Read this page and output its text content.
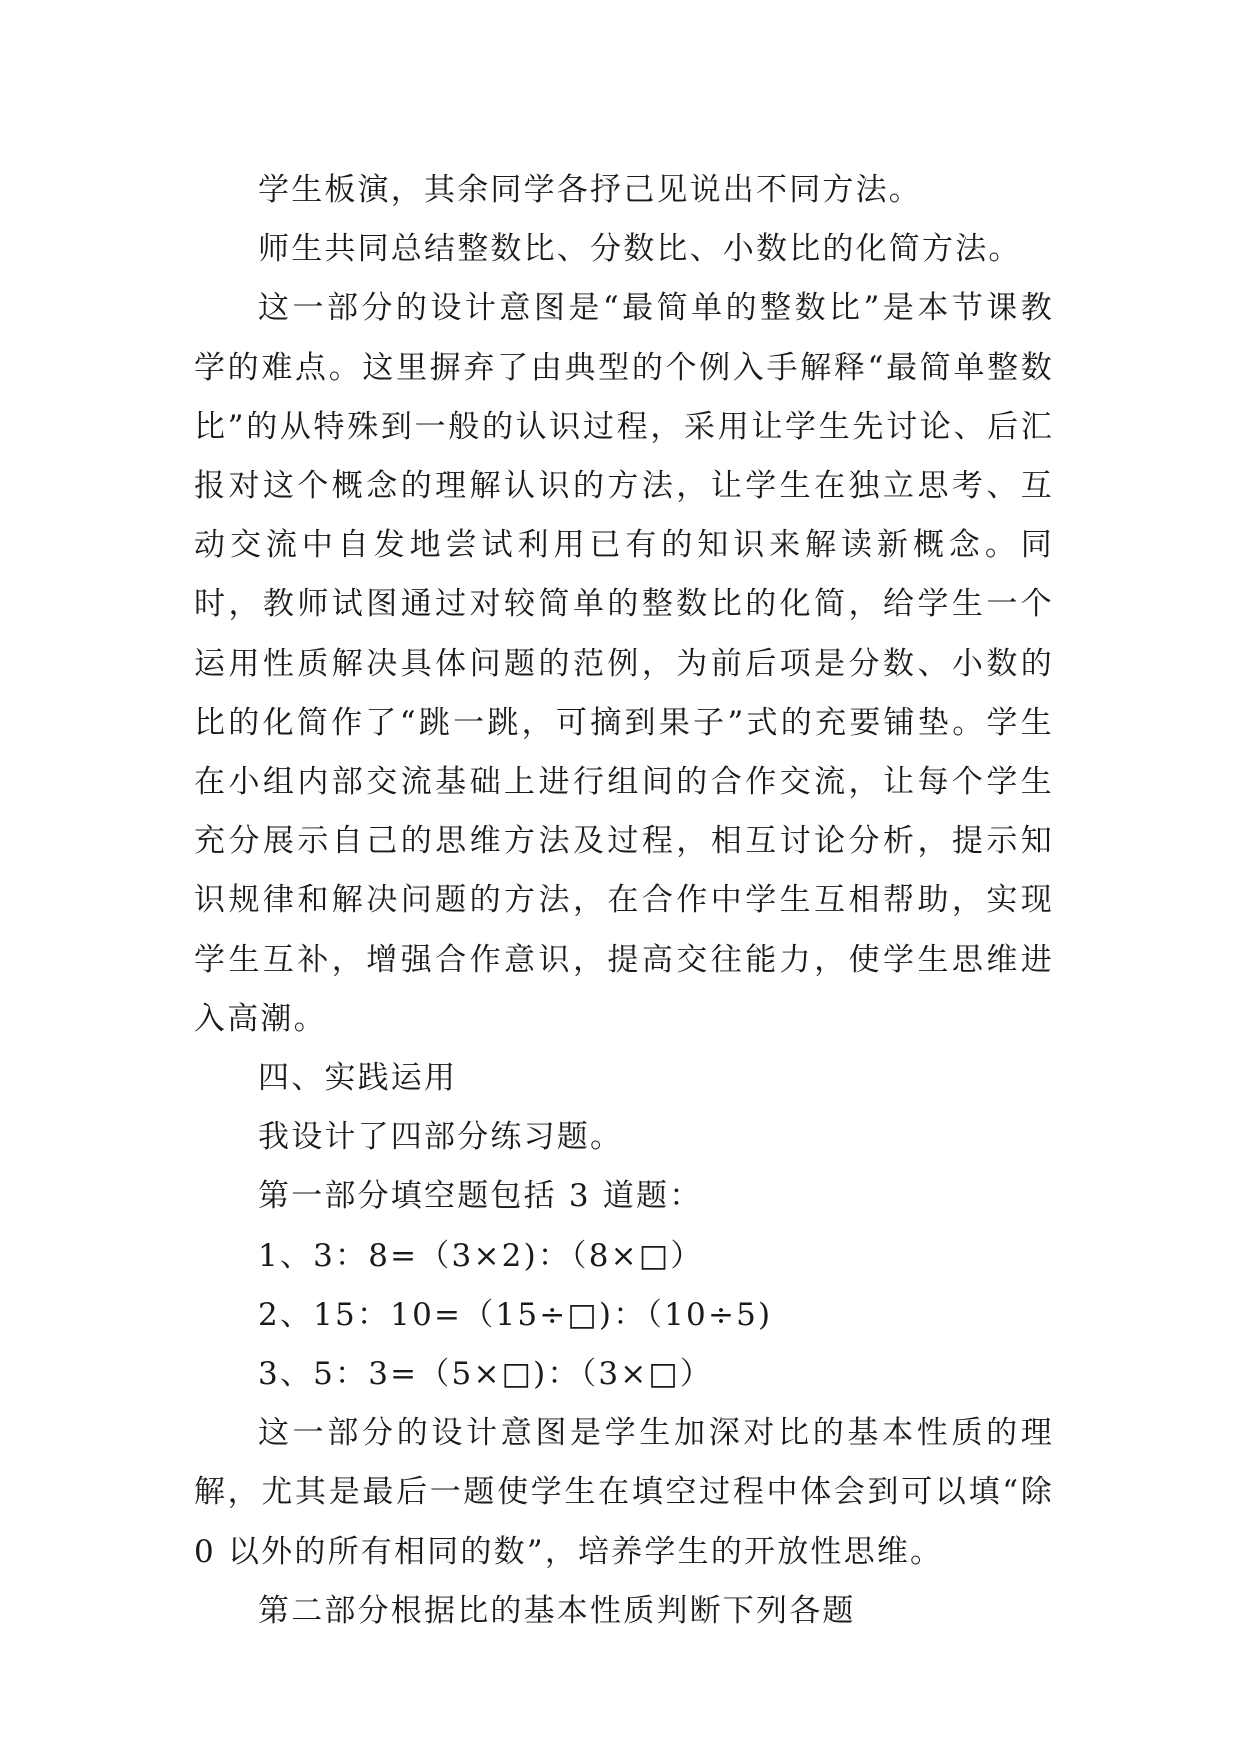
学生板演，其余同学各抒己见说出不同方法。

师生共同总结整数比、分数比、小数比的化简方法。

这一部分的设计意图是“最简单的整数比”是本节课教学的难点。这里摒弃了由典型的个例入手解释“最简单整数比”的从特殊到一般的认识过程，采用让学生先讨论、后汇报对这个概念的理解认识的方法，让学生在独立思考、互动交流中自发地尝试利用已有的知识来解读新概念。同时，教师试图通过对较简单的整数比的化简，给学生一个运用性质解决具体问题的范例，为前后项是分数、小数的比的化简作了“跳一跳，可摘到果子”式的充要铺垫。学生在小组内部交流基础上进行组间的合作交流，让每个学生充分展示自己的思维方法及过程，相互讨论分析，提示知识规律和解决问题的方法，在合作中学生互相帮助，实现学生互补，增强合作意识，提高交往能力，使学生思维进入高潮。

四、实践运用

我设计了四部分练习题。

第一部分填空题包括 3 道题：

1、3：8=（3×2)：（8×□）

2、15：10=（15÷□)：（10÷5)

3、5：3=（5×□)：（3×□）

这一部分的设计意图是学生加深对比的基本性质的理解，尤其是最后一题使学生在填空过程中体会到可以填“除 0 以外的所有相同的数”，培养学生的开放性思维。

第二部分根据比的基本性质判断下列各题
